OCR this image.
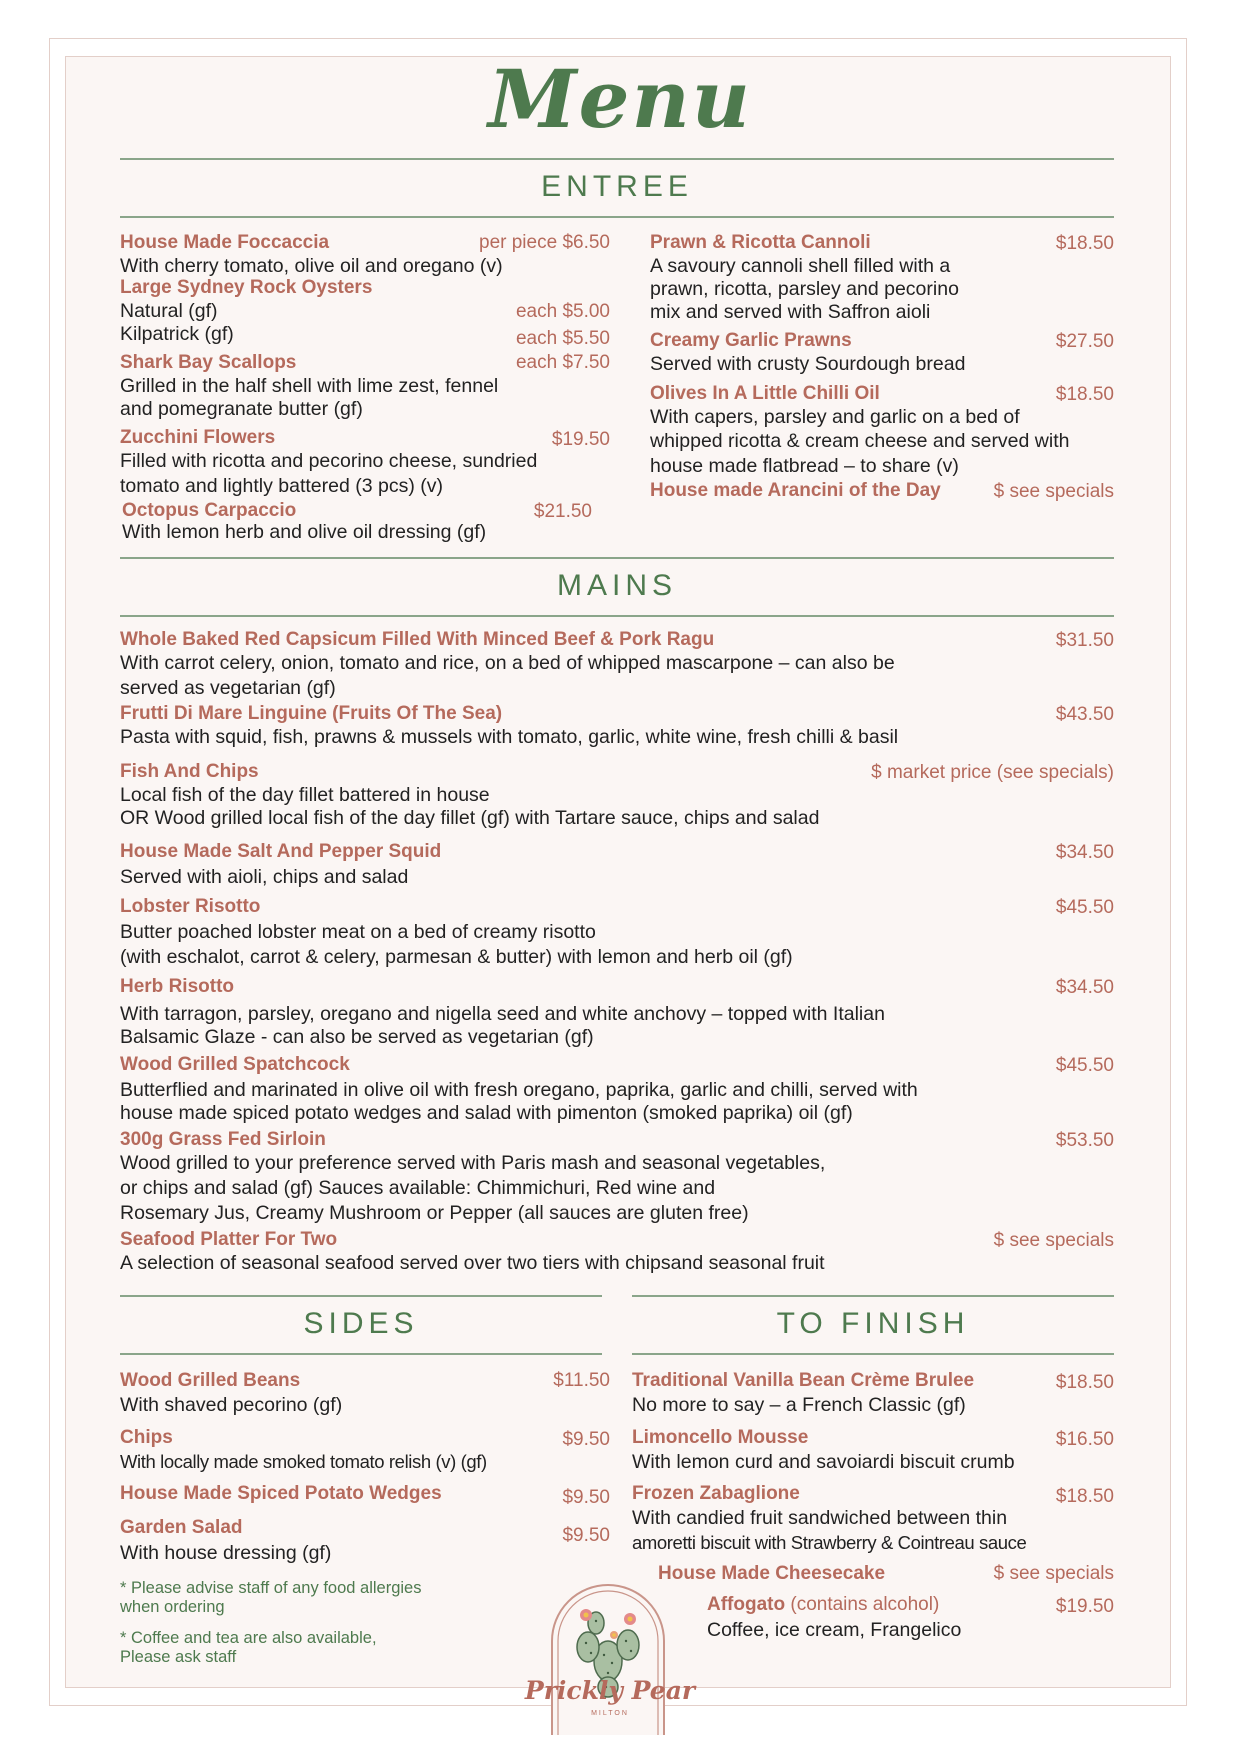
Menu
ENTREE
House Made Foccaccia	per piece $6.50
With cherry tomato, olive oil and oregano (v)
Large Sydney Rock Oysters
Natural (gf)	each $5.00
Kilpatrick (gf)	each $5.50
Shark Bay Scallops	each $7.50
Grilled in the half shell with lime zest, fennel
and pomegranate butter (gf)
Zucchini Flowers	$19.50
Filled with ricotta and pecorino cheese, sundried
tomato and lightly battered (3 pcs) (v)
Octopus Carpaccio	$21.50
With lemon herb and olive oil dressing (gf)
Prawn & Ricotta Cannoli	$18.50
A savoury cannoli shell filled with a
prawn, ricotta, parsley and pecorino
mix and served with Saffron aioli
Creamy Garlic Prawns	$27.50
Served with crusty Sourdough bread
Olives In A Little Chilli Oil	$18.50
With capers, parsley and garlic on a bed of
whipped ricotta & cream cheese and served with
house made flatbread – to share (v)
House made Arancini of the Day	$ see specials
MAINS
Whole Baked Red Capsicum Filled With Minced Beef & Pork Ragu	$31.50
With carrot celery, onion, tomato and rice, on a bed of whipped mascarpone – can also be
served as vegetarian (gf)
Frutti Di Mare Linguine (Fruits Of The Sea)	$43.50
Pasta with squid, fish, prawns & mussels with tomato, garlic, white wine, fresh chilli & basil
Fish And Chips	$ market price (see specials)
Local fish of the day fillet battered in house
OR Wood grilled local fish of the day fillet (gf) with Tartare sauce, chips and salad
House Made Salt And Pepper Squid	$34.50
Served with aioli, chips and salad
Lobster Risotto	$45.50
Butter poached lobster meat on a bed of creamy risotto
(with eschalot, carrot & celery, parmesan & butter) with lemon and herb oil (gf)
Herb Risotto	$34.50
With tarragon, parsley, oregano and nigella seed and white anchovy – topped with Italian
Balsamic Glaze - can also be served as vegetarian (gf)
Wood Grilled Spatchcock	$45.50
Butterflied and marinated in olive oil with fresh oregano, paprika, garlic and chilli, served with
house made spiced potato wedges and salad with pimenton (smoked paprika) oil (gf)
300g Grass Fed Sirloin	$53.50
Wood grilled to your preference served with Paris mash and seasonal vegetables,
or chips and salad (gf) Sauces available: Chimmichuri, Red wine and
Rosemary Jus, Creamy Mushroom or Pepper (all sauces are gluten free)
Seafood Platter For Two	$ see specials
A selection of seasonal seafood served over two tiers with chipsand seasonal fruit
SIDES
Wood Grilled Beans	$11.50
With shaved pecorino (gf)
Chips	$9.50
With locally made smoked tomato relish (v) (gf)
House Made Spiced Potato Wedges	$9.50
Garden Salad	$9.50
With house dressing (gf)
* Please advise staff of any food allergies
when ordering
* Coffee and tea are also available,
Please ask staff
TO FINISH
Traditional Vanilla Bean Crème Brulee	$18.50
No more to say – a French Classic (gf)
Limoncello Mousse	$16.50
With lemon curd and savoiardi biscuit crumb
Frozen Zabaglione	$18.50
With candied fruit sandwiched between thin
amoretti biscuit with Strawberry & Cointreau sauce
House Made Cheesecake	$ see specials
Affogato (contains alcohol)	$19.50
Coffee, ice cream, Frangelico
Prickly Pear
MILTON
